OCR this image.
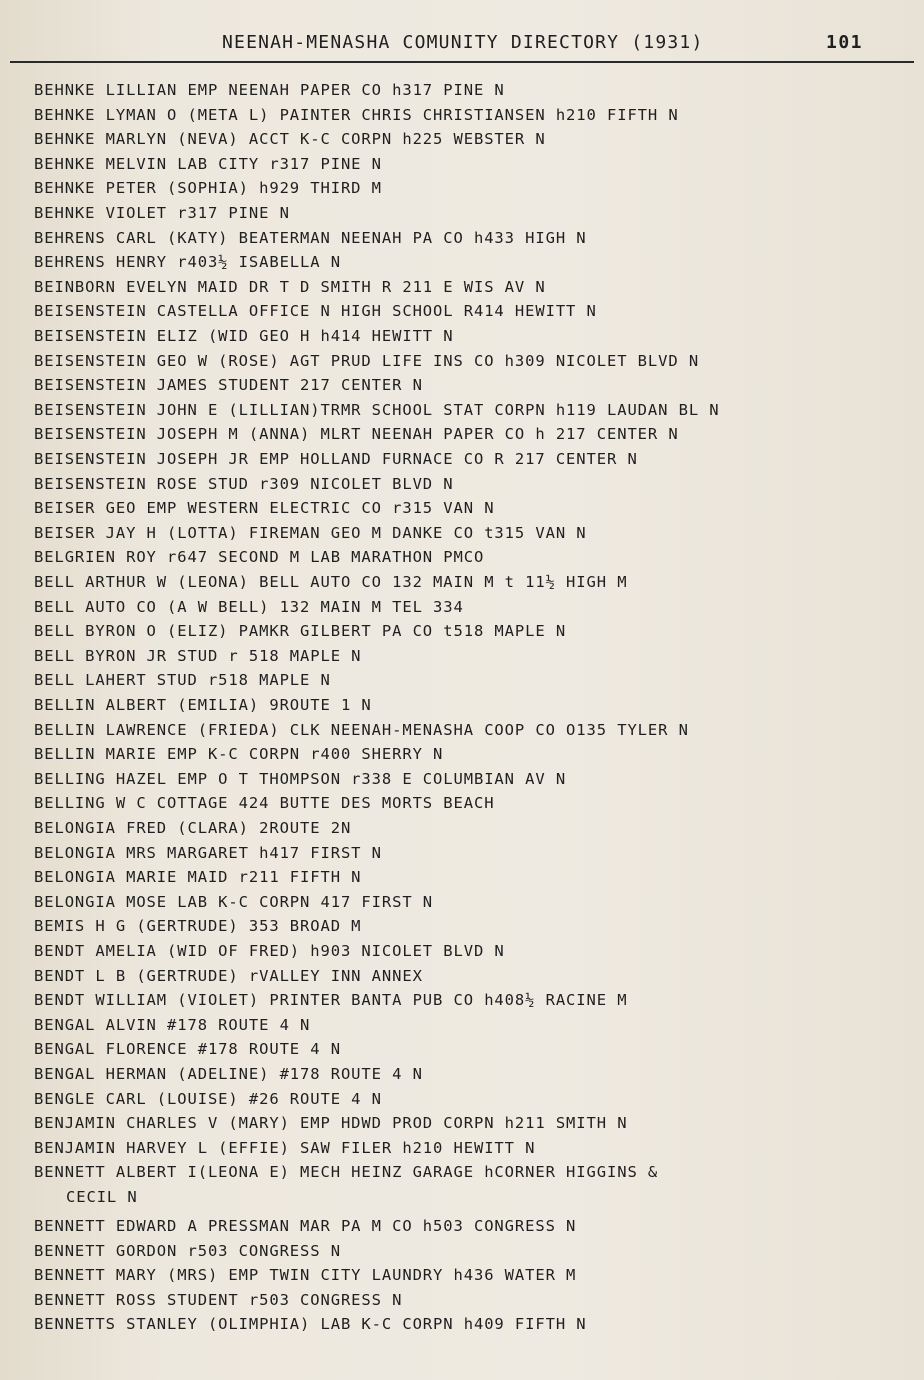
NEENAH-MENASHA COMUNITY DIRECTORY (1931)	101
BEHNKE LILLIAN EMP NEENAH PAPER CO h317 PINE N
BEHNKE LYMAN O (META L) PAINTER CHRIS CHRISTIANSEN h210 FIFTH N
BEHNKE MARLYN (NEVA) ACCT K-C CORPN h225 WEBSTER N
BEHNKE MELVIN LAB CITY r317 PINE N
BEHNKE PETER (SOPHIA) h929 THIRD M
BEHNKE VIOLET r317 PINE N
BEHRENS CARL (KATY) BEATERMAN NEENAH PA CO h433 HIGH N
BEHRENS HENRY r403½ ISABELLA N
BEINBORN EVELYN MAID DR T D SMITH R 211 E WIS AV N
BEISENSTEIN CASTELLA OFFICE N HIGH SCHOOL R414 HEWITT N
BEISENSTEIN ELIZ (WID GEO H h414 HEWITT N
BEISENSTEIN GEO W (ROSE) AGT PRUD LIFE INS CO h309 NICOLET BLVD N
BEISENSTEIN JAMES STUDENT 217 CENTER N
BEISENSTEIN JOHN E (LILLIAN)TRMR SCHOOL STAT CORPN h119 LAUDAN BL N
BEISENSTEIN JOSEPH M (ANNA) MLRT NEENAH PAPER CO h 217 CENTER N
BEISENSTEIN JOSEPH JR EMP HOLLAND FURNACE CO R 217 CENTER N
BEISENSTEIN ROSE STUD r309 NICOLET BLVD N
BEISER GEO EMP WESTERN ELECTRIC CO r315 VAN N
BEISER JAY H (LOTTA) FIREMAN GEO M DANKE CO t315 VAN N
BELGRIEN ROY r647 SECOND M LAB MARATHON PMCO
BELL ARTHUR W (LEONA) BELL AUTO CO 132 MAIN M t 11½ HIGH M
BELL AUTO CO (A W BELL) 132 MAIN M TEL 334
BELL BYRON O (ELIZ) PAMKR GILBERT PA CO t518 MAPLE N
BELL BYRON JR STUD r 518 MAPLE N
BELL LAHERT STUD r518 MAPLE N
BELLIN ALBERT (EMILIA) 9ROUTE 1 N
BELLIN LAWRENCE (FRIEDA) CLK NEENAH-MENASHA COOP CO O135 TYLER N
BELLIN MARIE EMP K-C CORPN r400 SHERRY N
BELLING HAZEL EMP O T THOMPSON r338 E COLUMBIAN AV N
BELLING W C COTTAGE 424 BUTTE DES MORTS BEACH
BELONGIA FRED (CLARA) 2ROUTE 2N
BELONGIA MRS MARGARET h417 FIRST N
BELONGIA MARIE MAID r211 FIFTH N
BELONGIA MOSE LAB K-C CORPN 417 FIRST N
BEMIS H G (GERTRUDE) 353 BROAD M
BENDT AMELIA (WID OF FRED) h903 NICOLET BLVD N
BENDT L B (GERTRUDE) rVALLEY INN ANNEX
BENDT WILLIAM (VIOLET) PRINTER BANTA PUB CO h408½ RACINE M
BENGAL ALVIN #178 ROUTE 4 N
BENGAL FLORENCE #178 ROUTE 4 N
BENGAL HERMAN (ADELINE) #178 ROUTE 4 N
BENGLE CARL (LOUISE) #26 ROUTE 4 N
BENJAMIN CHARLES V (MARY) EMP HDWD PROD CORPN h211 SMITH N
BENJAMIN HARVEY L (EFFIE) SAW FILER h210 HEWITT N
BENNETT ALBERT I(LEONA E) MECH HEINZ GARAGE hCORNER HIGGINS &
CECIL N
BENNETT EDWARD A PRESSMAN MAR PA M CO h503 CONGRESS N
BENNETT GORDON r503 CONGRESS N
BENNETT MARY (MRS) EMP TWIN CITY LAUNDRY h436 WATER M
BENNETT ROSS STUDENT r503 CONGRESS N
BENNETTS STANLEY (OLIMPHIA) LAB K-C CORPN h409 FIFTH N
